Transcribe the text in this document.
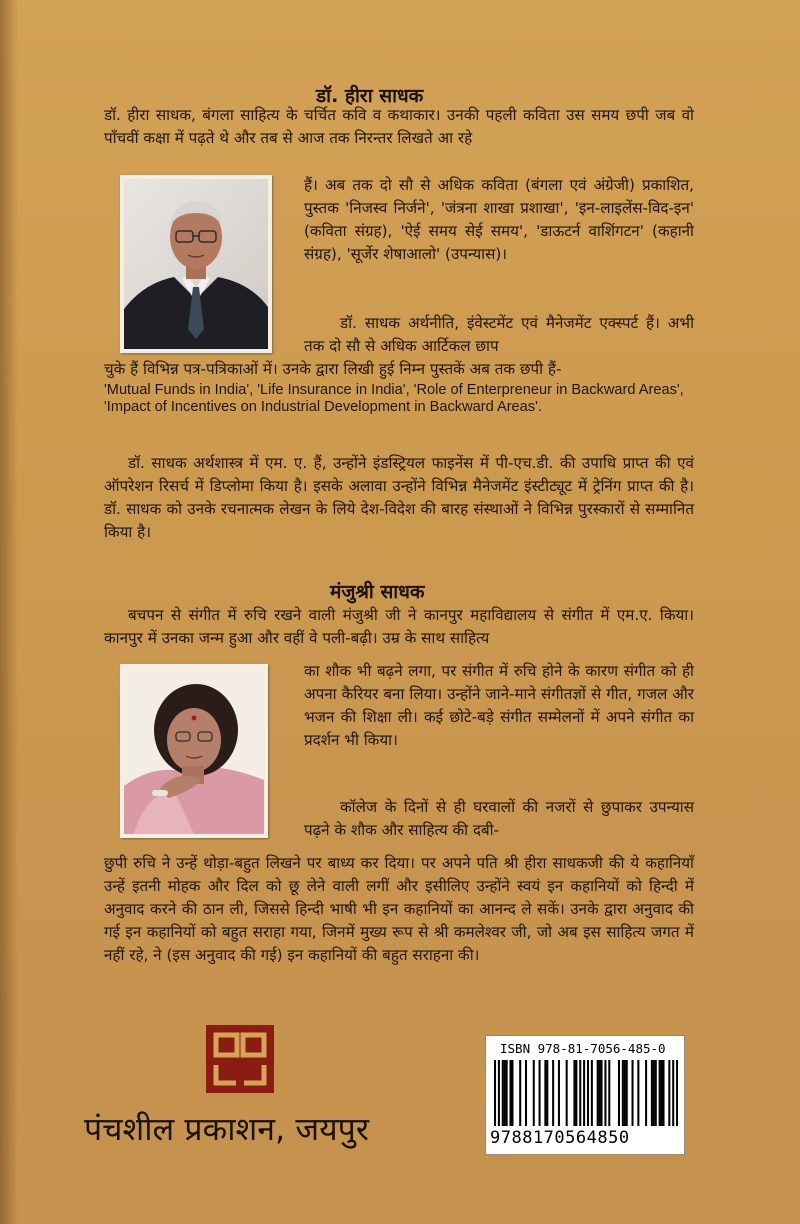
डॉ. हीरा साधक

डॉ. हीरा साधक, बंगला साहित्य के चर्चित कवि व कथाकार। उनकी पहली कविता उस समय छपी जब वो पाँचवीं कक्षा में पढ़ते थे और तब से आज तक निरन्तर लिखते आ रहे

हैं। अब तक दो सौ से अधिक कविता (बंगला एवं अंग्रेजी) प्रकाशित, पुस्तक 'निजस्व निर्जने', 'जंत्रना शाखा प्रशाखा', 'इन-लाइलेंस-विद-इन' (कविता संग्रह), 'ऐई समय सेई समय', 'डाऊटर्न वाशिंगटन' (कहानी संग्रह), 'सूर्जेर शेषाआलो' (उपन्यास)।

डॉ. साधक अर्थनीति, इंवेस्टमेंट एवं मैनेजमेंट एक्स्पर्ट हैं। अभी तक दो सौ से अधिक आर्टिकल छाप

चुके हैं विभिन्न पत्र-पत्रिकाओं में। उनके द्वारा लिखी हुई निम्न पुस्तकें अब तक छपी हैं-

'Mutual Funds in India', 'Life Insurance in India', 'Role of Enterpreneur in Backward Areas', 'Impact of Incentives on Industrial Development in Backward Areas'.

डॉ. साधक अर्थशास्त्र में एम. ए. हैं, उन्होंने इंडस्ट्रियल फाइनेंस में पी-एच.डी. की उपाधि प्राप्त की एवं ऑपरेशन रिसर्च में डिप्लोमा किया है। इसके अलावा उन्होंने विभिन्न मैनेजमेंट इंस्टीट्यूट में ट्रेनिंग प्राप्त की है। डॉ. साधक को उनके रचनात्मक लेखन के लिये देश-विदेश की बारह संस्थाओं ने विभिन्न पुरस्कारों से सम्मानित किया है।

मंजुश्री साधक

बचपन से संगीत में रुचि रखने वाली मंजुश्री जी ने कानपुर महाविद्यालय से संगीत में एम.ए. किया। कानपुर में उनका जन्म हुआ और वहीं वे पली-बढ़ी। उम्र के साथ साहित्य

का शौक भी बढ़ने लगा, पर संगीत में रुचि होने के कारण संगीत को ही अपना कैरियर बना लिया। उन्होंने जाने-माने संगीतज्ञों से गीत, गजल और भजन की शिक्षा ली। कई छोटे-बड़े संगीत सम्मेलनों में अपने संगीत का प्रदर्शन भी किया।

कॉलेज के दिनों से ही घरवालों की नजरों से छुपाकर उपन्यास पढ़ने के शौक और साहित्य की दबी-

छुपी रुचि ने उन्हें थोड़ा-बहुत लिखने पर बाध्य कर दिया। पर अपने पति श्री हीरा साधकजी की ये कहानियाँ उन्हें इतनी मोहक और दिल को छू लेने वाली लगीं और इसीलिए उन्होंने स्वयं इन कहानियों को हिन्दी में अनुवाद करने की ठान ली, जिससे हिन्दी भाषी भी इन कहानियों का आनन्द ले सकें। उनके द्वारा अनुवाद की गई इन कहानियों को बहुत सराहा गया, जिनमें मुख्य रूप से श्री कमलेश्वर जी, जो अब इस साहित्य जगत में नहीं रहे, ने (इस अनुवाद की गई) इन कहानियों की बहुत सराहना की।

पंचशील प्रकाशन, जयपुर
ISBN 978-81-7056-485-0
9788170564850
